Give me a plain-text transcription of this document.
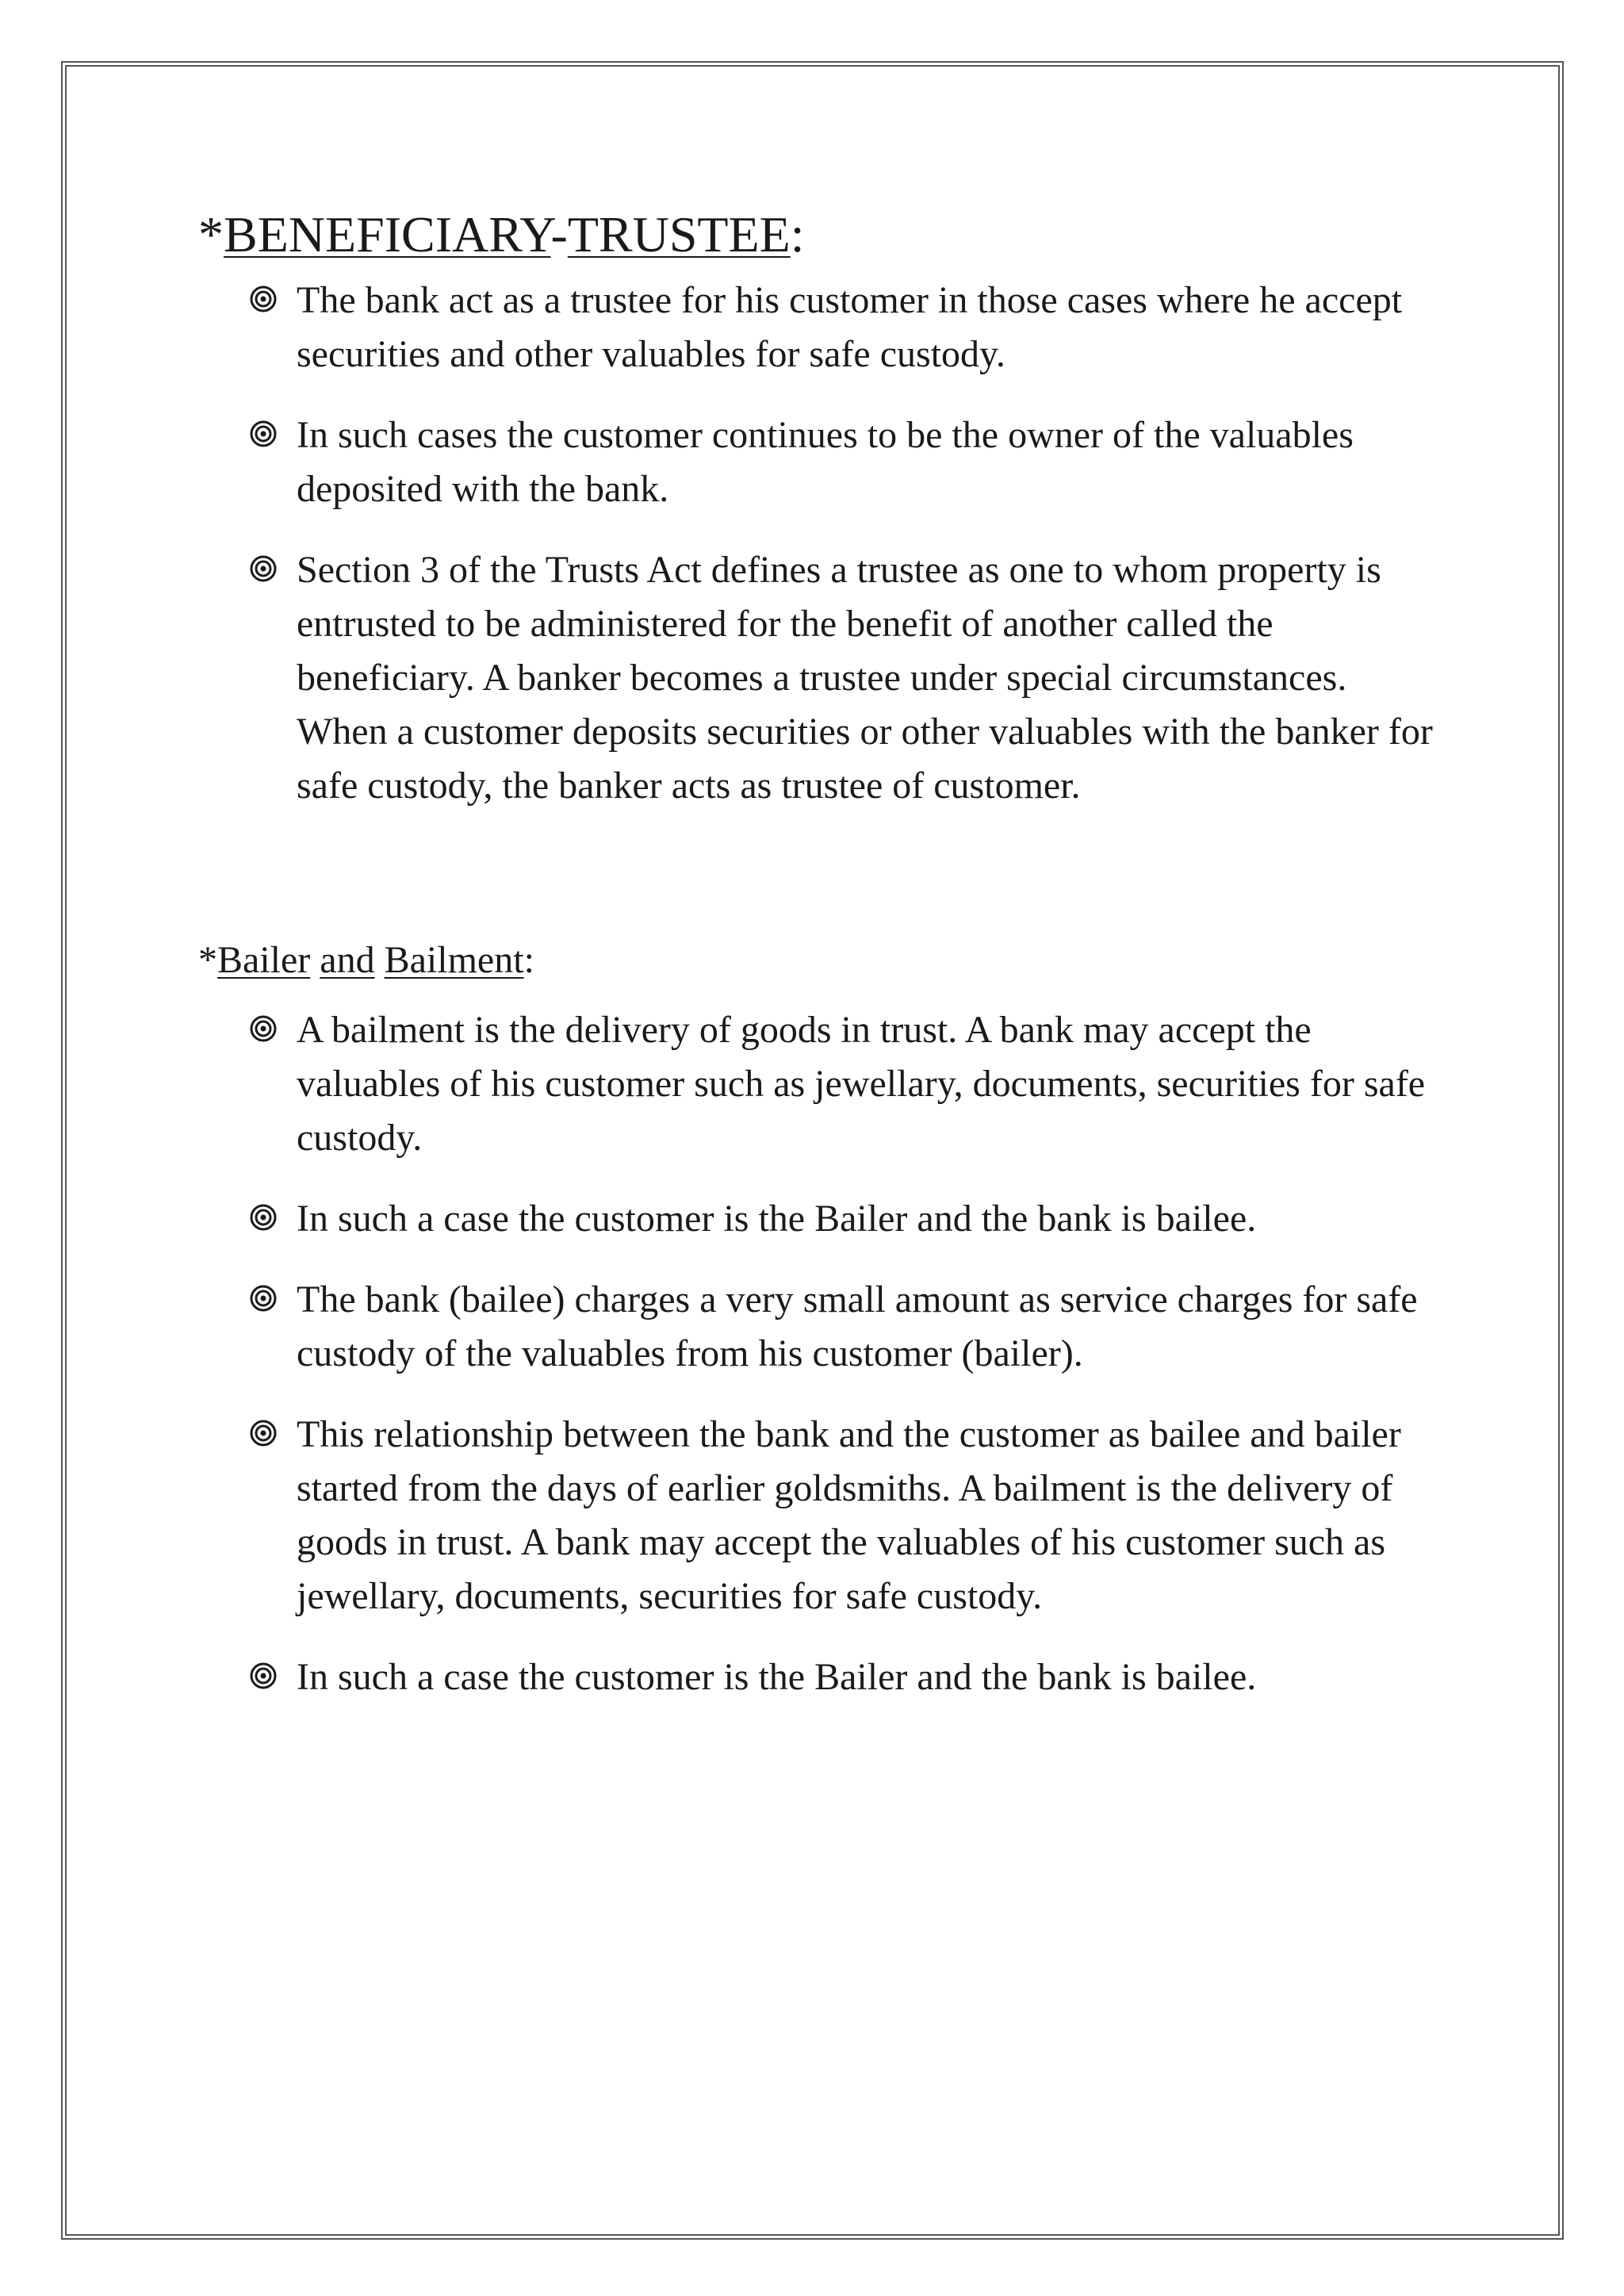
*BENEFICIARY-TRUSTEE:
The bank act as a trustee for his customer in those cases where he accept securities and other valuables for safe custody.
In such cases the customer continues to be the owner of the valuables deposited with the bank.
Section 3 of the Trusts Act defines a trustee as one to whom property is entrusted to be administered for the benefit of another called the beneficiary. A banker becomes a trustee under special circumstances. When a customer deposits securities or other valuables with the banker for safe custody, the banker acts as trustee of customer.
*Bailer and Bailment:
A bailment is the delivery of goods in trust. A bank may accept the valuables of his customer such as jewellary, documents, securities for safe custody.
In such a case the customer is the Bailer and the bank is bailee.
The bank (bailee) charges a very small amount as service charges for safe custody of the valuables from his customer (bailer).
This relationship between the bank and the customer as bailee and bailer started from the days of earlier goldsmiths. A bailment is the delivery of goods in trust. A bank may accept the valuables of his customer such as jewellary, documents, securities for safe custody.
In such a case the customer is the Bailer and the bank is bailee.
